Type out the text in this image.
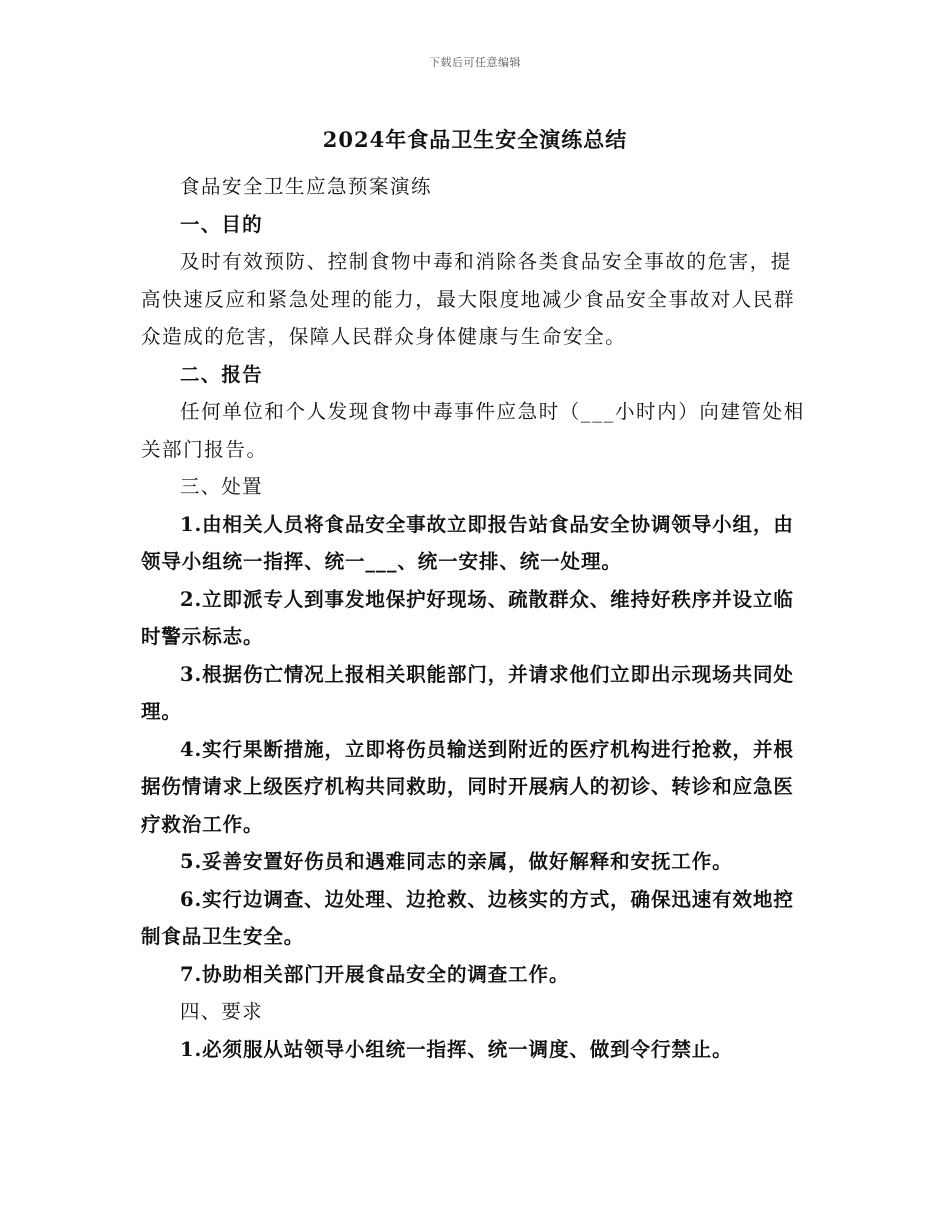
下载后可任意编辑
2024年食品卫生安全演练总结

食品安全卫生应急预案演练

一、目的

及时有效预防、控制食物中毒和消除各类食品安全事故的危害，提高快速反应和紧急处理的能力，最大限度地减少食品安全事故对人民群众造成的危害，保障人民群众身体健康与生命安全。

二、报告

任何单位和个人发现食物中毒事件应急时（___小时内）向建管处相关部门报告。

三、处置

1.由相关人员将食品安全事故立即报告站食品安全协调领导小组，由领导小组统一指挥、统一___、统一安排、统一处理。

2.立即派专人到事发地保护好现场、疏散群众、维持好秩序并设立临时警示标志。

3.根据伤亡情况上报相关职能部门，并请求他们立即出示现场共同处理。

4.实行果断措施，立即将伤员输送到附近的医疗机构进行抢救，并根据伤情请求上级医疗机构共同救助，同时开展病人的初诊、转诊和应急医疗救治工作。

5.妥善安置好伤员和遇难同志的亲属，做好解释和安抚工作。

6.实行边调查、边处理、边抢救、边核实的方式，确保迅速有效地控制食品卫生安全。

7.协助相关部门开展食品安全的调查工作。

四、要求

1.必须服从站领导小组统一指挥、统一调度、做到令行禁止。
